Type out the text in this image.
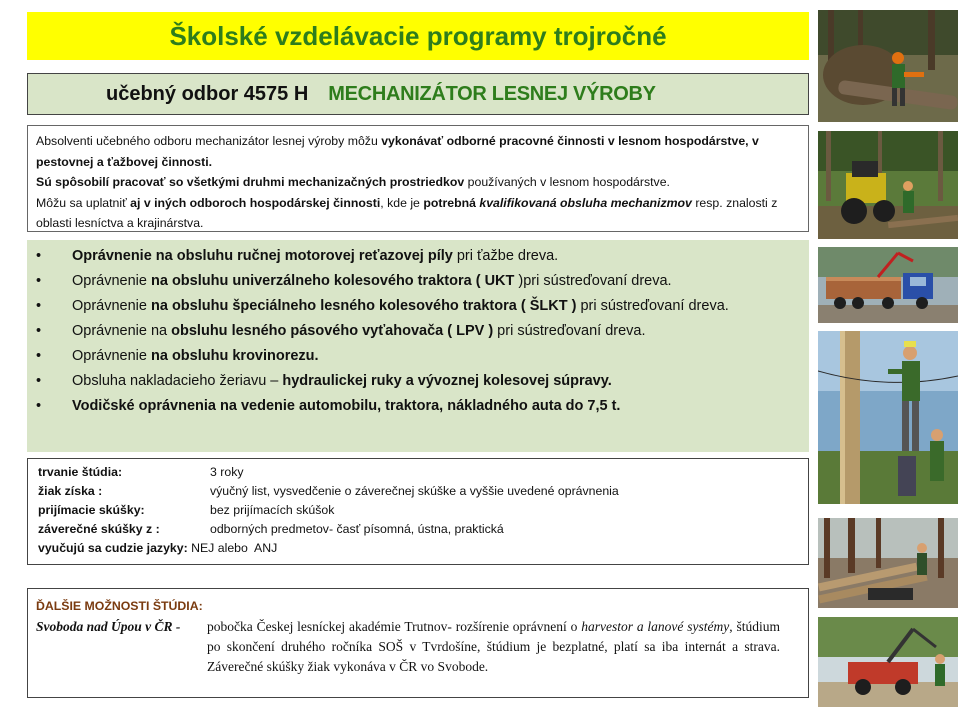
Školské vzdelávacie programy trojročné
učebný odbor 4575 H MECHANIZÁTOR LESNEJ VÝROBY

Absolventi učebného odboru mechanizátor lesnej výroby môžu vykonávať odborné pracovné činnosti v lesnom hospodárstve, v pestovnej a ťažbovej činnosti.

Sú spôsobilí pracovať so všetkými druhmi mechanizačných prostriedkov používaných v lesnom hospodárstve.

Môžu sa uplatniť aj v iných odboroch hospodárskej činnosti, kde je potrebná kvalifikovaná obsluha mechanizmov resp. znalosti z oblasti lesníctva a krajinárstva.

• Oprávnenie na obsluhu ručnej motorovej reťazovej píly pri ťažbe dreva.
• Oprávnenie na obsluhu univerzálneho kolesového traktora ( UKT )pri sústreďovaní dreva.
• Oprávnenie na obsluhu špeciálneho lesného kolesového traktora ( ŠLKT ) pri sústreďovaní dreva.
• Oprávnenie na obsluhu lesného pásového vyťahovača ( LPV ) pri sústreďovaní dreva.
• Oprávnenie na obsluhu krovinorezu.
• Obsluha nakladacieho žeriavu – hydraulickej ruky a vývoznej kolesovej súpravy.
• Vodičské oprávnenia na vedenie automobilu, traktora, nákladného auta do 7,5 t.
trvanie štúdia:	3 roky
žiak získa :	výučný list, vysvedčenie o záverečnej skúške a vyššie uvedené oprávnenia
prijímacie skúšky:	bez prijímacích skúšok
záverečné skúšky z :	odborných predmetov- časť písomná, ústna, praktická
vyučujú sa cudzie jazyky: NEJ alebo  ANJ
ĎALŠIE MOŽNOSTI ŠTÚDIA:
Svoboda nad Úpou v ČR -	pobočka Českej lesníckej akadémie Trutnov- rozšírenie oprávnení o harvestor a lanové systémy, štúdium po skončení druhého ročníka SOŠ v Tvrdošíne, štúdium je bezplatné, platí sa iba internát a strava. Záverečné skúšky žiak vykonáva v ČR vo Svobode.
